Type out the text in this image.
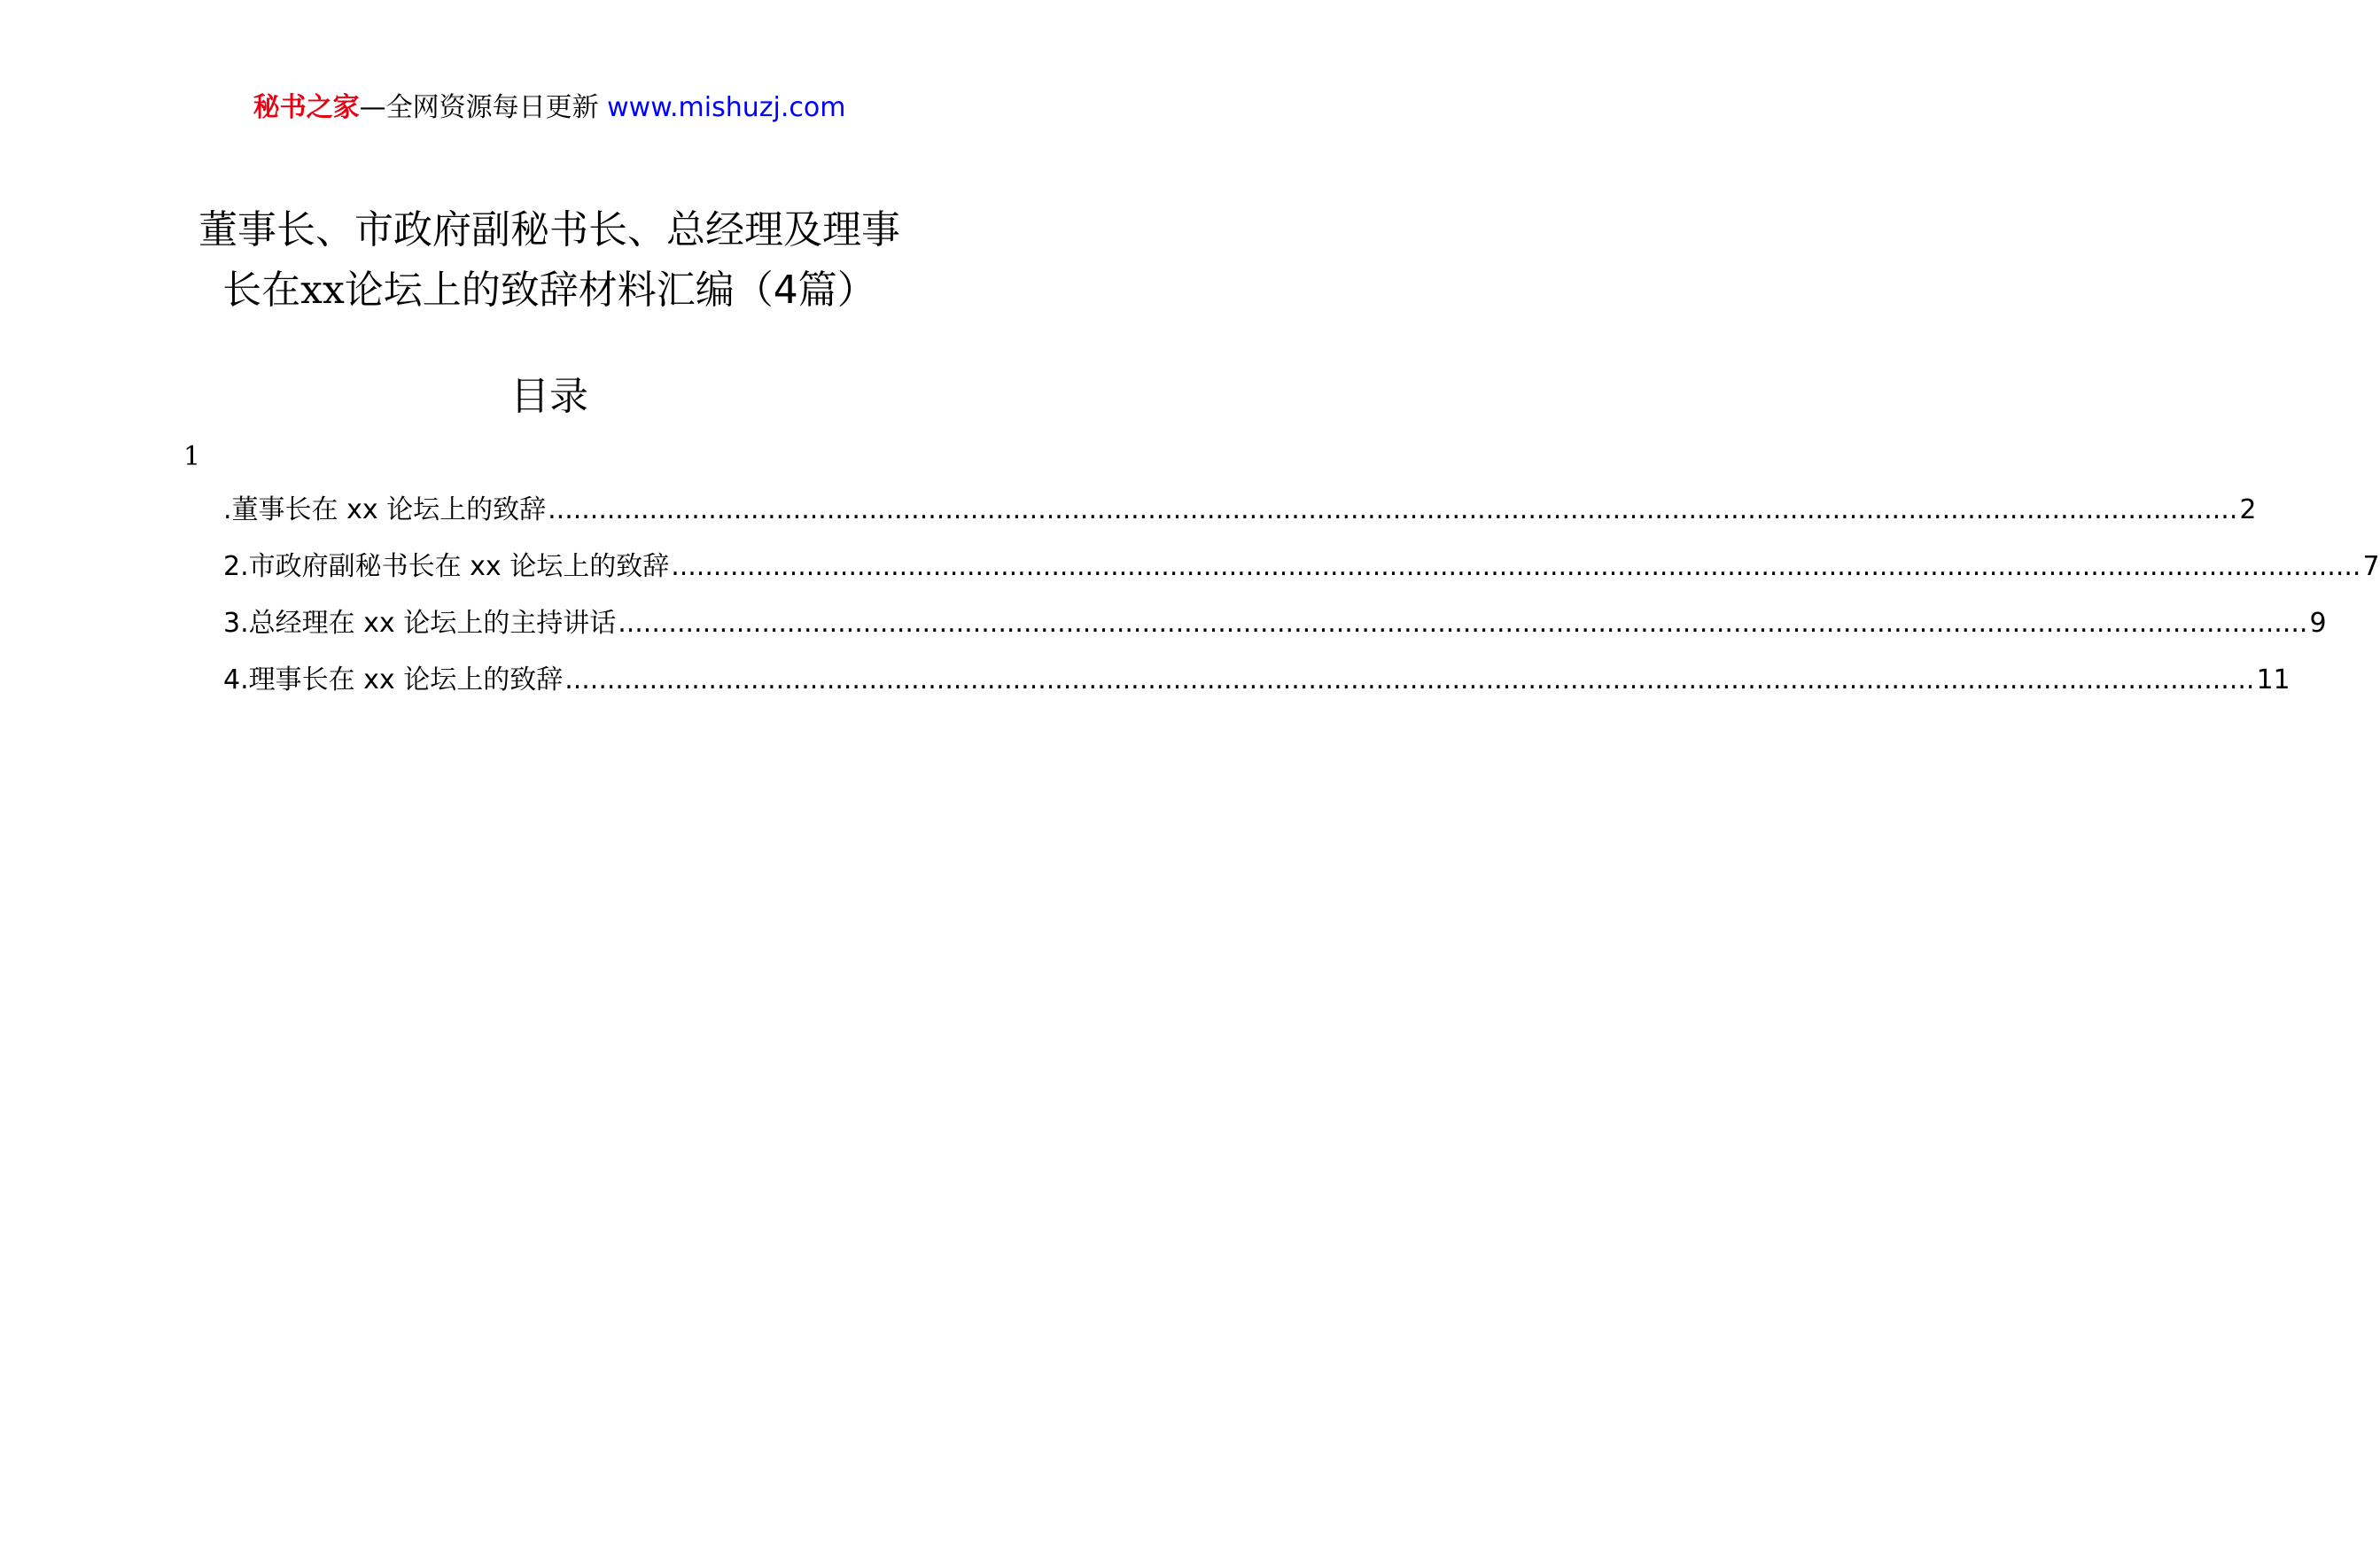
秘书之家—全网资源每日更新 www.mishuzj.com
董事长、市政府副秘书长、总经理及理事
长在xx论坛上的致辞材料汇编（4篇）
目录
1
.董事长在 xx 论坛上的致辞 ........................................................................................................................................................................................................ 2
2.市政府副秘书长在 xx 论坛上的致辞 ........................................................................................................................................................................................................ 7
3.总经理在 xx 论坛上的主持讲话 ........................................................................................................................................................................................................ 9
4.理事长在 xx 论坛上的致辞 ........................................................................................................................................................................................................ 11
